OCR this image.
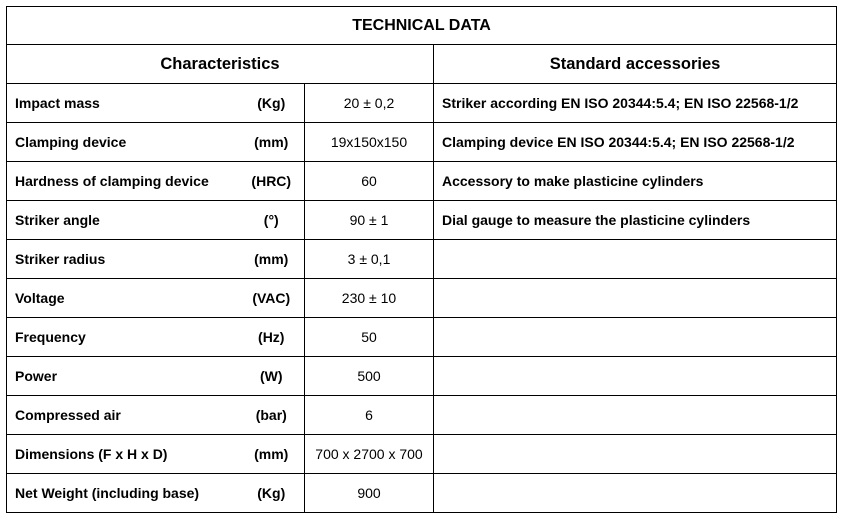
TECHNICAL DATA			
Characteristics			Standard accessories
Impact mass	(Kg)	20 ± 0,2	Striker according EN ISO 20344:5.4; EN ISO 22568-1/2
Clamping device	(mm)	19x150x150	Clamping device EN ISO 20344:5.4; EN ISO 22568-1/2
Hardness of clamping device	(HRC)	60	Accessory to make plasticine cylinders
Striker angle	(°)	90 ± 1	Dial gauge to measure the plasticine cylinders
Striker radius	(mm)	3 ± 0,1	
Voltage	(VAC)	230 ± 10	
Frequency	(Hz)	50	
Power	(W)	500	
Compressed air	(bar)	6	
Dimensions (F x H x D)	(mm)	700 x 2700 x 700	
Net Weight (including base)	(Kg)	900	
